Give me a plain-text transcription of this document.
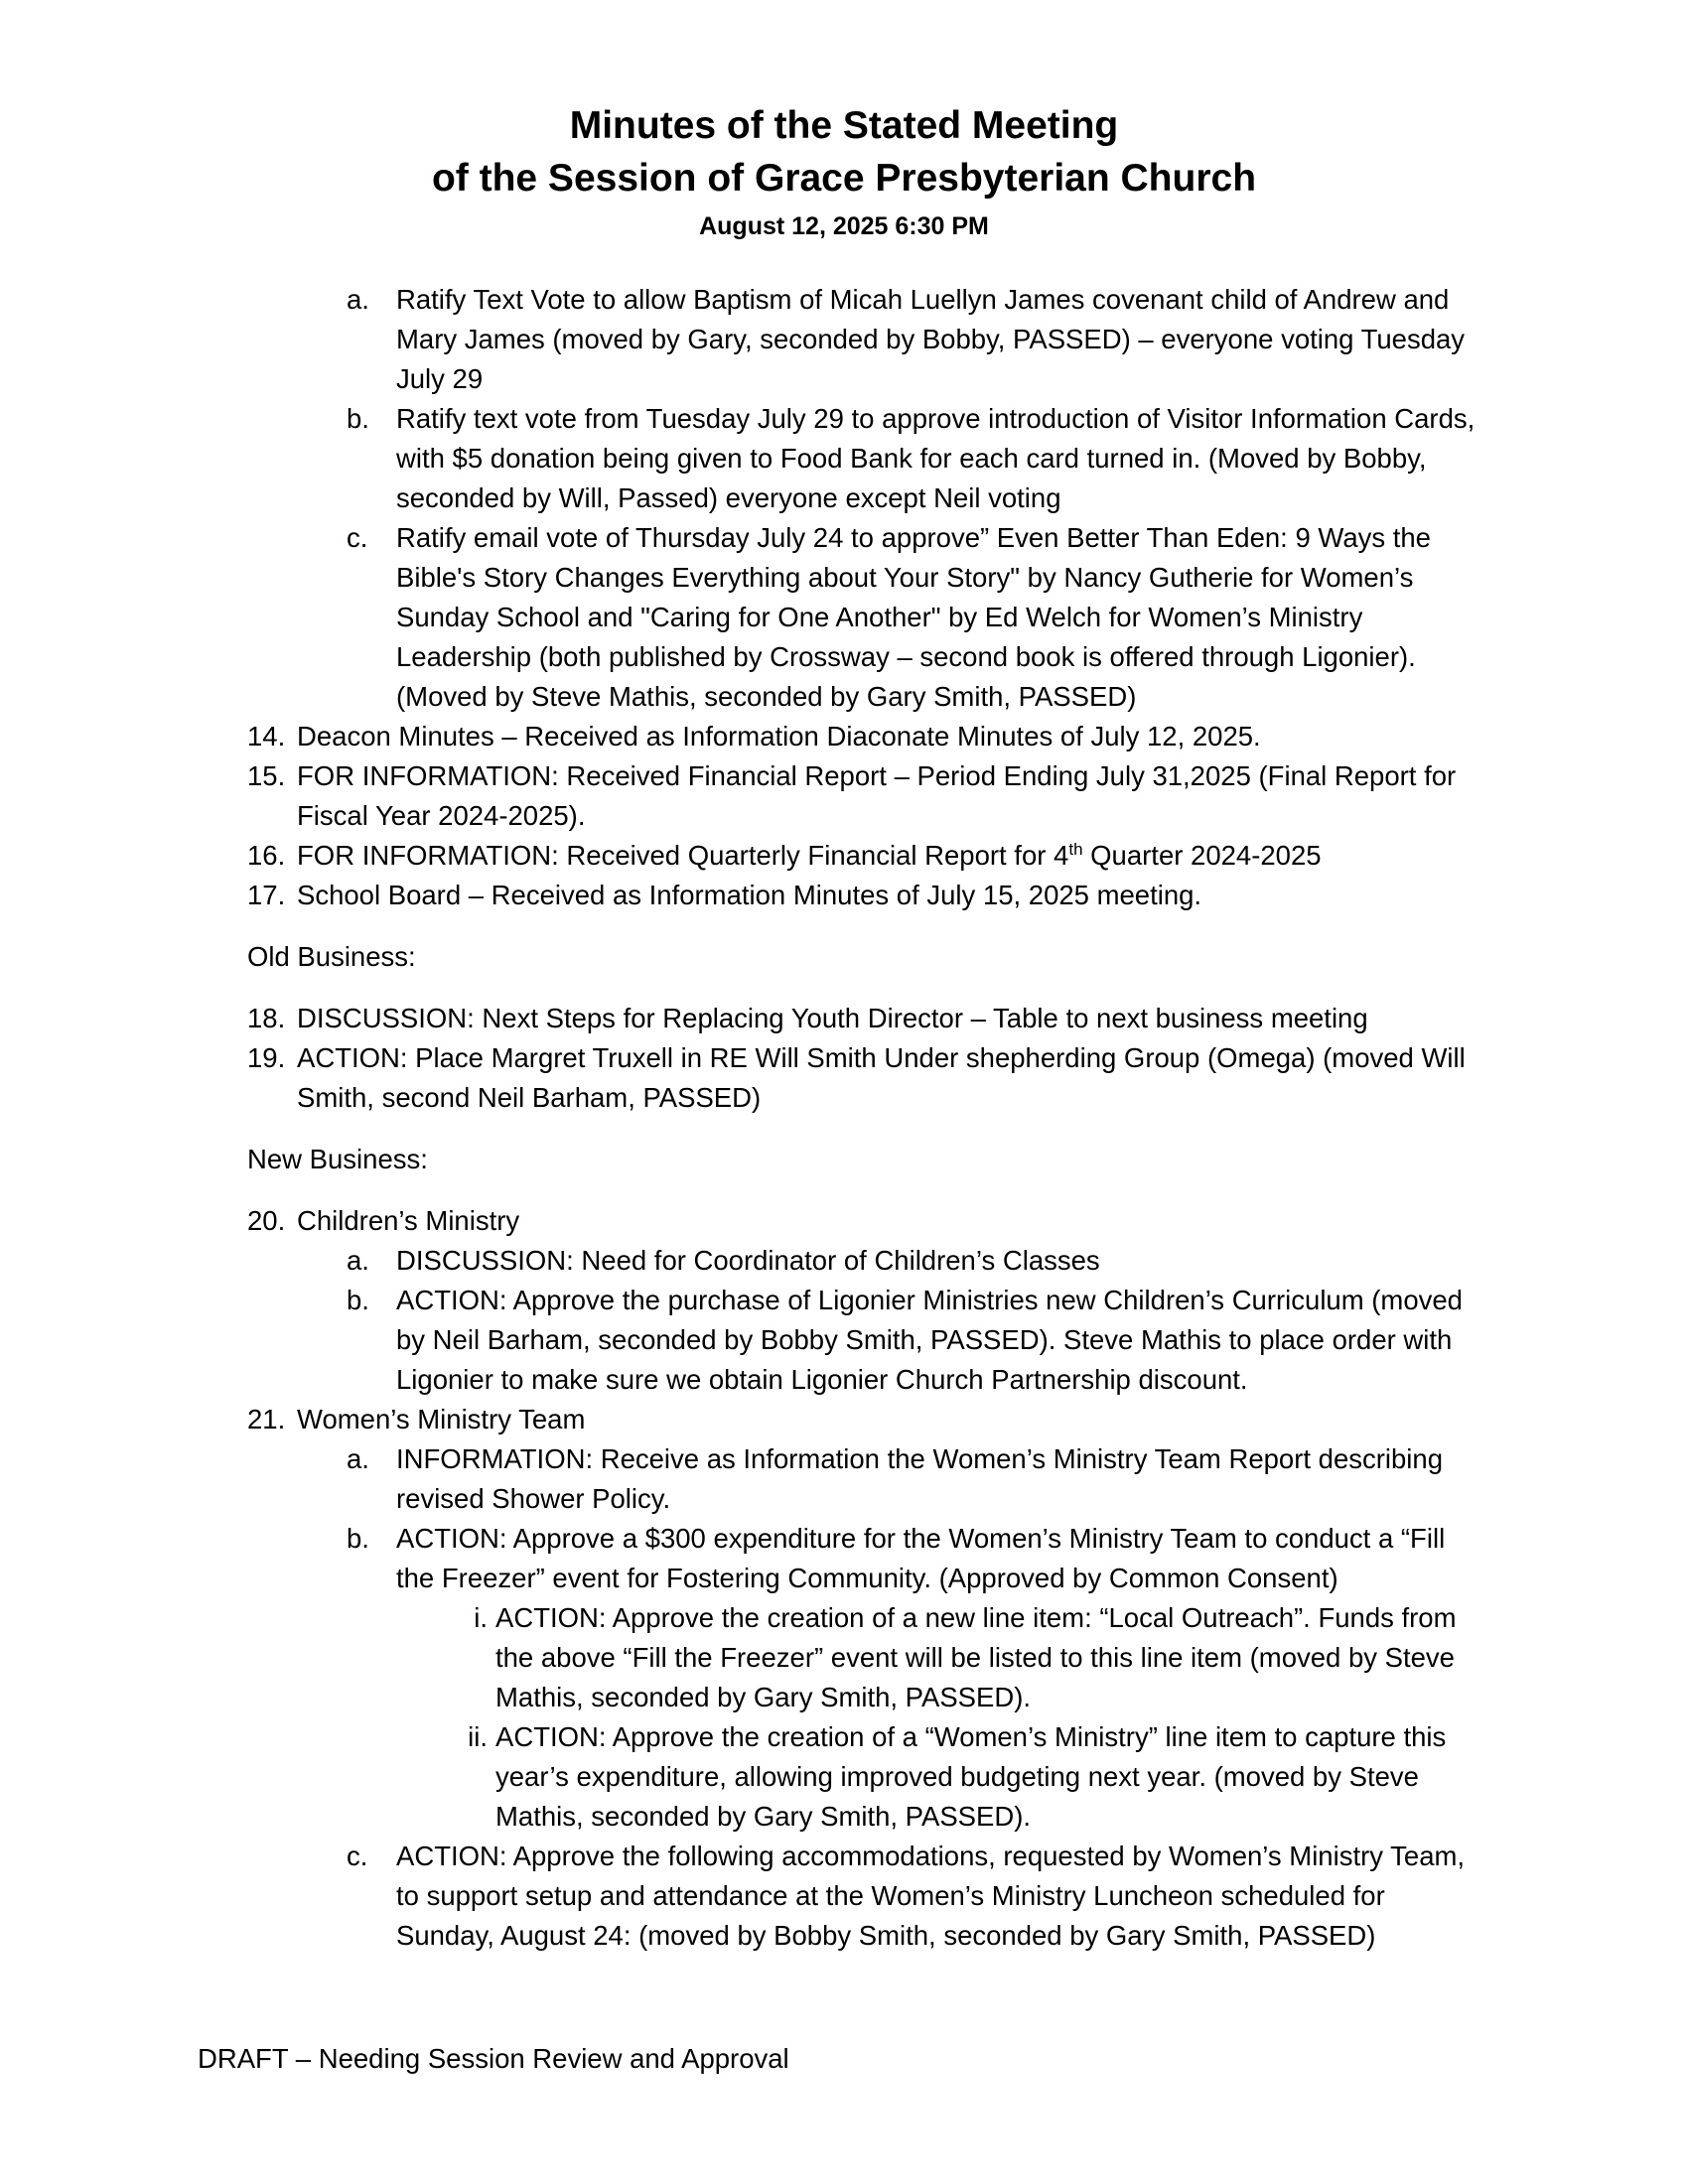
Minutes of the Stated Meeting
of the Session of Grace Presbyterian Church
August 12, 2025 6:30 PM
a. Ratify Text Vote to allow Baptism of Micah Luellyn James covenant child of Andrew and Mary James (moved by Gary, seconded by Bobby, PASSED) – everyone voting Tuesday July 29
b. Ratify text vote from Tuesday July 29 to approve introduction of Visitor Information Cards, with $5 donation being given to Food Bank for each card turned in. (Moved by Bobby, seconded by Will, Passed) everyone except Neil voting
c. Ratify email vote of Thursday July 24 to approve” Even Better Than Eden: 9 Ways the Bible's Story Changes Everything about Your Story" by Nancy Gutherie for Women’s Sunday School and "Caring for One Another" by Ed Welch for Women’s Ministry Leadership (both published by Crossway – second book is offered through Ligonier). (Moved by Steve Mathis, seconded by Gary Smith, PASSED)
14. Deacon Minutes – Received as Information Diaconate Minutes of July 12, 2025.
15. FOR INFORMATION: Received Financial Report – Period Ending July 31,2025 (Final Report for Fiscal Year 2024-2025).
16. FOR INFORMATION: Received Quarterly Financial Report for 4th Quarter 2024-2025
17. School Board – Received as Information Minutes of July 15, 2025 meeting.
Old Business:
18. DISCUSSION: Next Steps for Replacing Youth Director – Table to next business meeting
19. ACTION: Place Margret Truxell in RE Will Smith Under shepherding Group (Omega) (moved Will Smith, second Neil Barham, PASSED)
New Business:
20. Children’s Ministry
a. DISCUSSION: Need for Coordinator of Children’s Classes
b. ACTION: Approve the purchase of Ligonier Ministries new Children’s Curriculum (moved by Neil Barham, seconded by Bobby Smith, PASSED). Steve Mathis to place order with Ligonier to make sure we obtain Ligonier Church Partnership discount.
21. Women’s Ministry Team
a. INFORMATION: Receive as Information the Women’s Ministry Team Report describing revised Shower Policy.
b. ACTION: Approve a $300 expenditure for the Women’s Ministry Team to conduct a “Fill the Freezer” event for Fostering Community. (Approved by Common Consent)
i. ACTION: Approve the creation of a new line item: “Local Outreach”. Funds from the above “Fill the Freezer” event will be listed to this line item (moved by Steve Mathis, seconded by Gary Smith, PASSED).
ii. ACTION: Approve the creation of a “Women’s Ministry” line item to capture this year’s expenditure, allowing improved budgeting next year. (moved by Steve Mathis, seconded by Gary Smith, PASSED).
c. ACTION: Approve the following accommodations, requested by Women’s Ministry Team, to support setup and attendance at the Women’s Ministry Luncheon scheduled for Sunday, August 24: (moved by Bobby Smith, seconded by Gary Smith, PASSED)
DRAFT – Needing Session Review and Approval
